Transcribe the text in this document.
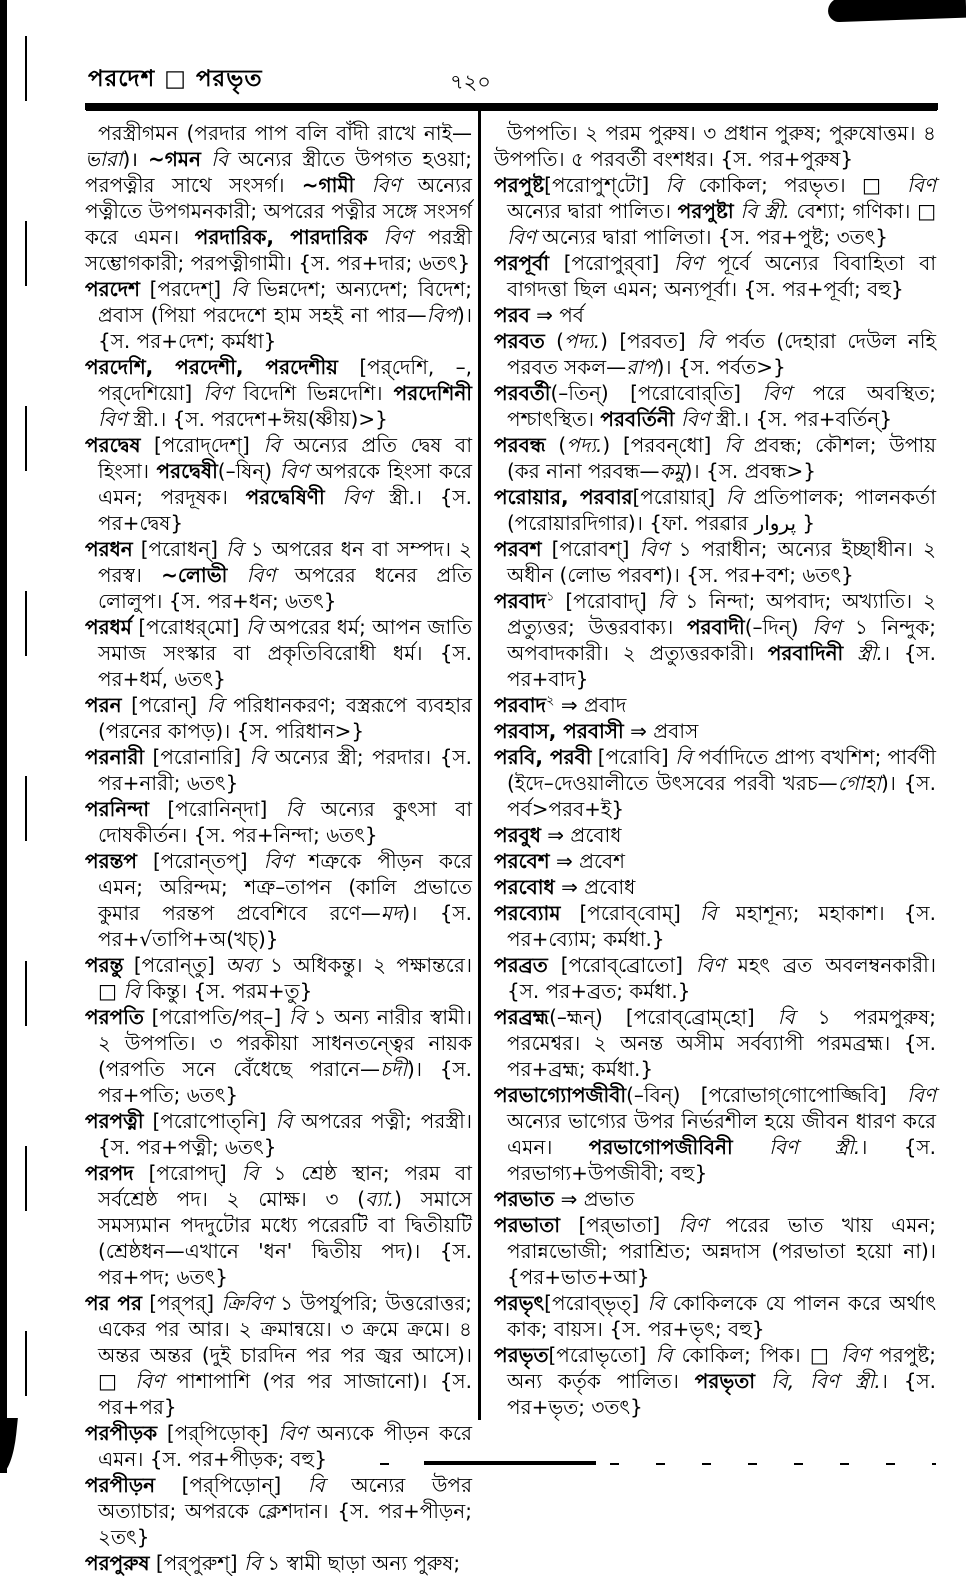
পরদেশ □ পরভৃত	৭২০

পরস্ত্রীগমন (পরদার পাপ বলি বাঁদী রাখে নাই—ভারা)। ~গমন বি অন্যের স্ত্রীতে উপগত হওয়া; পরপত্নীর সাথে সংসর্গ। ~গামী বিণ অন্যের পত্নীতে উপগমনকারী; অপরের পত্নীর সঙ্গে সংসর্গ করে এমন। পরদারিক, পারদারিক বিণ পরস্ত্রী সম্ভোগকারী; পরপত্নীগামী। {স. পর+দার; ৬তৎ}

পরদেশ [পরদেশ্] বি ভিন্নদেশ; অন্যদেশ; বিদেশ; প্রবাস (পিয়া পরদেশে হাম সহই না পার—বিপ)। {স. পর+দেশ; কর্মধা}

পরদেশি, পরদেশী, পরদেশীয় [পর্‌দেশি, –, পর্‌দেশিয়ো] বিণ বিদেশি ভিন্নদেশি। পরদেশিনী বিণ স্ত্রী.। {স. পরদেশ+ঈয়(ষ্ণীয়)>}

পরদ্বেষ [পরোদ্‌দেশ্] বি অন্যের প্রতি দ্বেষ বা হিংসা। পরদ্বেষী(–ষিন্) বিণ অপরকে হিংসা করে এমন; পরদূষক। পরদ্বেষিণী বিণ স্ত্রী.। {স. পর+দ্বেষ}

পরধন [পরোধন্] বি ১ অপরের ধন বা সম্পদ। ২ পরস্ব। ~লোভী বিণ অপরের ধনের প্রতি লোলুপ। {স. পর+ধন; ৬তৎ}

পরধর্ম [পরোধর্‌মো] বি অপরের ধর্ম; আপন জাতি সমাজ সংস্কার বা প্রকৃতিবিরোধী ধর্ম। {স. পর+ধর্ম, ৬তৎ}

পরন [পরোন্] বি পরিধানকরণ; বস্ত্ররূপে ব্যবহার (পরনের কাপড়)। {স. পরিধান>}

পরনারী [পরোনারি] বি অন্যের স্ত্রী; পরদার। {স. পর+নারী; ৬তৎ}

পরনিন্দা [পরোনিন্‌দা] বি অন্যের কুৎসা বা দোষকীর্তন। {স. পর+নিন্দা; ৬তৎ}

পরন্তপ [পরোন্‌তপ্] বিণ শত্রুকে পীড়ন করে এমন; অরিন্দম; শত্রু–তাপন (কালি প্রভাতে কুমার পরন্তপ প্রবেশিবে রণে—মদ)। {স. পর+√তাপি+অ(খচ্)}

পরন্তু [পরোন্‌তু] অব্য ১ অধিকন্তু। ২ পক্ষান্তরে। □ বি কিন্তু। {স. পরম+তু}

পরপতি [পরোপতি/পর্‌–] বি ১ অন্য নারীর স্বামী। ২ উপপতি। ৩ পরকীয়া সাধনতন্ত্বের নায়ক (পরপতি সনে বেঁধেছে পরানে—চদী)। {স. পর+পতি; ৬তৎ}

পরপত্নী [পরোপোত্‌নি] বি অপরের পত্নী; পরস্ত্রী। {স. পর+পত্নী; ৬তৎ}

পরপদ [পরোপদ্] বি ১ শ্রেষ্ঠ স্থান; পরম বা সর্বশ্রেষ্ঠ পদ। ২ মোক্ষ। ৩ (ব্যা.) সমাসে সমস্যমান পদদুটোর মধ্যে পরেরটি বা দ্বিতীয়টি (শ্রেষ্ঠধন—এখানে 'ধন' দ্বিতীয় পদ)। {স. পর+পদ; ৬তৎ}

পর পর [পর্‌পর্] ক্রিবিণ ১ উপর্যুপরি; উত্তরোত্তর; একের পর আর। ২ ক্রমান্বয়ে। ৩ ক্রমে ক্রমে। ৪ অন্তর অন্তর (দুই চারদিন পর পর জ্বর আসে)। □ বিণ পাশাপাশি (পর পর সাজানো)। {স. পর+পর}

পরপীড়ক [পর্‌পিড়োক্] বিণ অন্যকে পীড়ন করে এমন। {স. পর+পীড়ক; বহু}

পরপীড়ন [পর্‌পিড়োন্] বি অন্যের উপর অত্যাচার; অপরকে ক্লেশদান। {স. পর+পীড়ন; ২তৎ}

পরপুরুষ [পর্‌পুরুশ্] বি ১ স্বামী ছাড়া অন্য পুরুষ;

উপপতি। ২ পরম পুরুষ। ৩ প্রধান পুরুষ; পুরুষোত্তম। ৪ উপপতি। ৫ পরবর্তী বংশধর। {স. পর+পুরুষ}

পরপুষ্ট[পরোপুশ্‌টো] বি কোকিল; পরভৃত। □ বিণ অন্যের দ্বারা পালিত। পরপুষ্টা বি স্ত্রী. বেশ্যা; গণিকা। □ বিণ অন্যের দ্বারা পালিতা। {স. পর+পুষ্ট; ৩তৎ}

পরপূর্বা [পরোপুর্‌বা] বিণ পূর্বে অন্যের বিবাহিতা বা বাগদত্তা ছিল এমন; অন্যপূর্বা। {স. পর+পূর্বা; বহু}

পরব ⇒ পর্ব

পরবত (পদ্য.) [পরবত] বি পর্বত (দেহারা দেউল নহি পরবত সকল—রাপ)। {স. পর্বত>}

পরবর্তী(–তিন্) [পরোবোর্‌তি] বিণ পরে অবস্থিত; পশ্চাৎস্থিত। পরবর্তিনী বিণ স্ত্রী.। {স. পর+বর্তিন্}

পরবন্ধ (পদ্য.) [পরবন্‌ধো] বি প্রবন্ধ; কৌশল; উপায় (কর নানা পরবন্ধ—কমু)। {স. প্রবন্ধ>}

পরোয়ার, পরবার[পরোয়ার্] বি প্রতিপালক; পালনকর্তা (পরোয়ারদিগার)। {ফা. পরৱার پروار }

পরবশ [পরোবশ্] বিণ ১ পরাধীন; অন্যের ইচ্ছাধীন। ২ অধীন (লোভ পরবশ)। {স. পর+বশ; ৬তৎ}

পরবাদ$^১$ [পরোবাদ্] বি ১ নিন্দা; অপবাদ; অখ্যাতি। ২ প্রত্যুত্তর; উত্তরবাক্য। পরবাদী(–দিন্) বিণ ১ নিন্দুক; অপবাদকারী। ২ প্রত্যুত্তরকারী। পরবাদিনী স্ত্রী.। {স. পর+বাদ}

পরবাদ$^২$ ⇒ প্রবাদ

পরবাস, পরবাসী ⇒ প্রবাস

পরবি, পরবী [পরোবি] বি পর্বাদিতে প্রাপ্য বখশিশ; পার্বণী (ইদে–দেওয়ালীতে উৎসবের পরবী খরচ—গোহা)। {স. পর্ব>পরব+ই}

পরবুধ ⇒ প্রবোধ

পরবেশ ⇒ প্রবেশ

পরবোধ ⇒ প্রবোধ

পরব্যোম [পরোব্‌বোম্] বি মহাশূন্য; মহাকাশ। {স. পর+ব্যোম; কর্মধা.}

পরব্রত [পরোব্‌ব্রোতো] বিণ মহৎ ব্রত অবলম্বনকারী। {স. পর+ব্রত; কর্মধা.}

পরব্রহ্ম(–হ্মন্) [পরোব্‌ব্রোম্‌হো] বি ১ পরমপুরুষ; পরমেশ্বর। ২ অনন্ত অসীম সর্বব্যাপী পরমব্রহ্ম। {স. পর+ব্রহ্ম; কর্মধা.}

পরভাগ্যোপজীবী(–বিন্) [পরোভাগ্‌গোপোজ্জিবি] বিণ অন্যের ভাগ্যের উপর নির্ভরশীল হয়ে জীবন ধারণ করে এমন। পরভাগোপজীবিনী বিণ স্ত্রী.। {স. পরভাগ্য+উপজীবী; বহু}

পরভাত ⇒ প্রভাত

পরভাতা [পর্‌ভাতা] বিণ পরের ভাত খায় এমন; পরান্নভোজী; পরাশ্রিত; অন্নদাস (পরভাতা হয়ো না)। {পর+ভাত+আ}

পরভৃৎ[পরোব্‌ভৃত্] বি কোকিলকে যে পালন করে অর্থাৎ কাক; বায়স। {স. পর+ভৃৎ; বহু}

পরভৃত[পরোভৃতো] বি কোকিল; পিক। □ বিণ পরপুষ্ট; অন্য কর্তৃক পালিত। পরভৃতা বি, বিণ স্ত্রী.। {স. পর+ভৃত; ৩তৎ}
